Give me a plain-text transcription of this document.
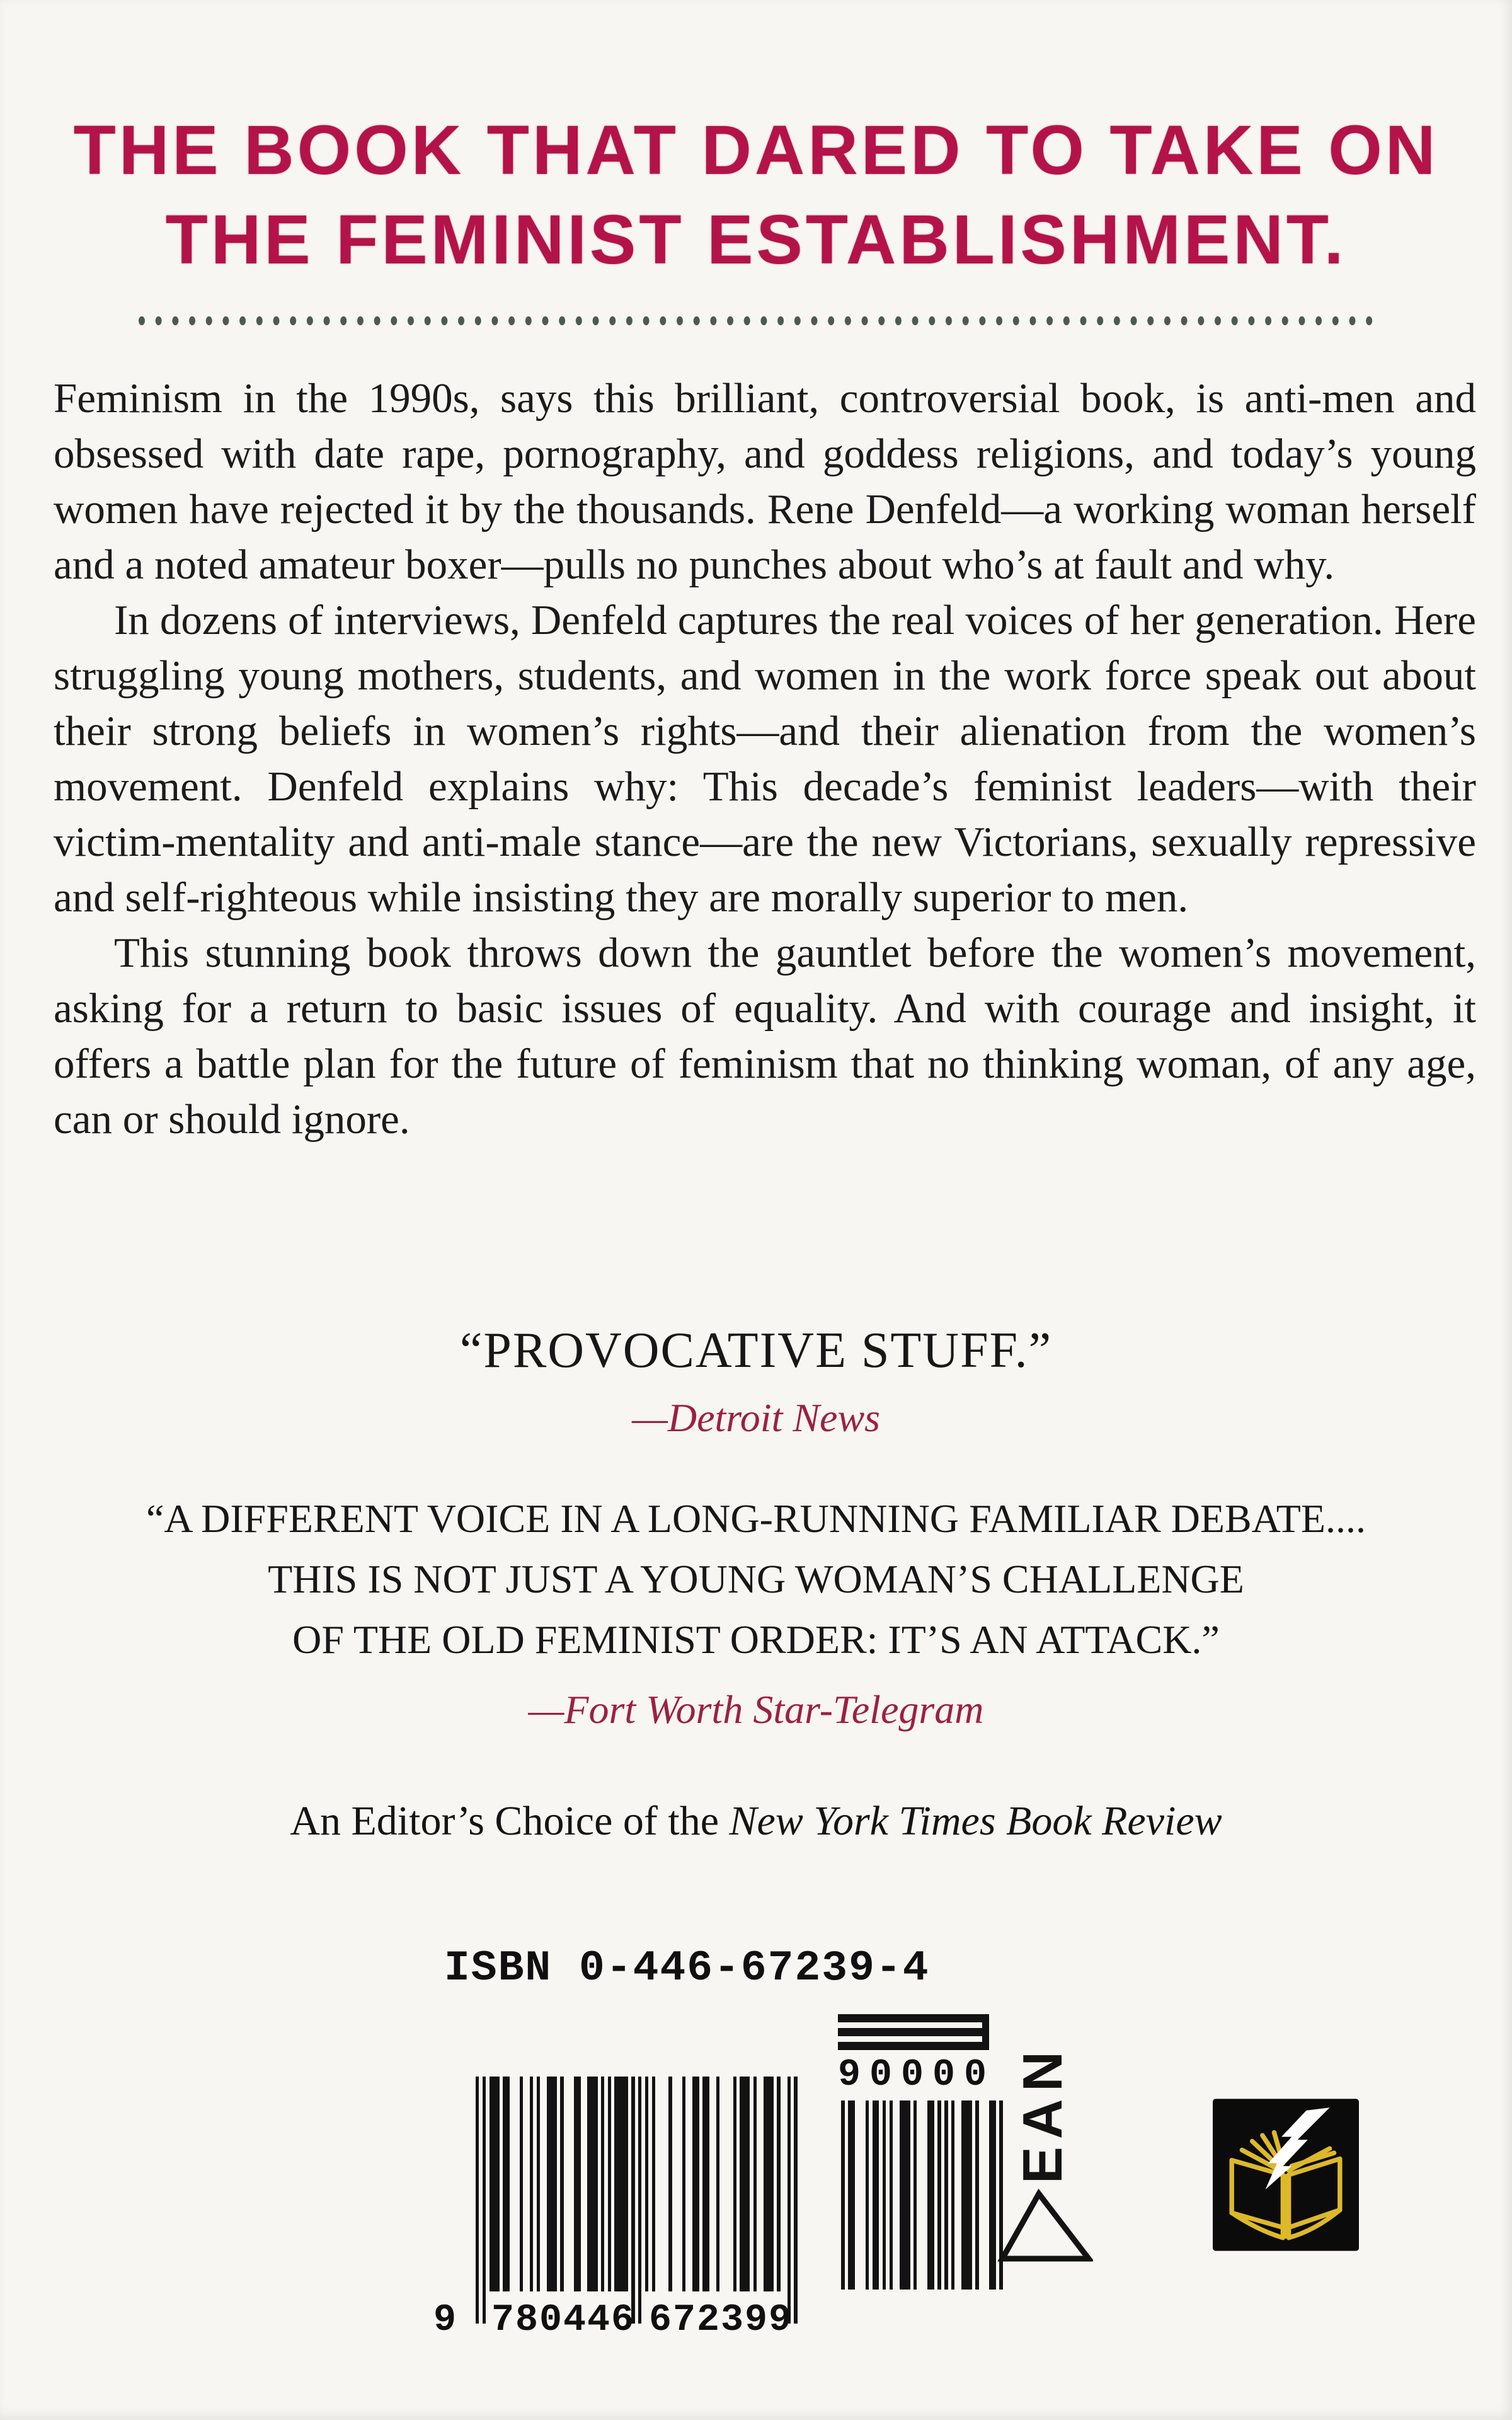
THE BOOK THAT DARED TO TAKE ON
THE FEMINIST ESTABLISHMENT.

Feminism in the 1990s, says this brilliant, controversial book, is anti-men and obsessed with date rape, pornography, and goddess religions, and today’s young women have rejected it by the thousands. Rene Denfeld—a working woman herself and a noted amateur boxer—pulls no punches about who’s at fault and why.

In dozens of interviews, Denfeld captures the real voices of her generation. Here struggling young mothers, students, and women in the work force speak out about their strong beliefs in women’s rights—and their alienation from the women’s movement. Denfeld explains why: This decade’s feminist leaders—with their victim-mentality and anti-male stance—are the new Victorians, sexually repressive and self-righteous while insisting they are morally superior to men.

This stunning book throws down the gauntlet before the women’s movement, asking for a return to basic issues of equality. And with courage and insight, it offers a battle plan for the future of feminism that no thinking woman, of any age, can or should ignore.

“PROVOCATIVE STUFF.”
—Detroit News
“A DIFFERENT VOICE IN A LONG-RUNNING FAMILIAR DEBATE....
THIS IS NOT JUST A YOUNG WOMAN’S CHALLENGE
OF THE OLD FEMINIST ORDER: IT’S AN ATTACK.”
—Fort Worth Star-Telegram
An Editor’s Choice of the New York Times Book Review
ISBN 0-446-67239-4
9 780446 672399
90000 EAN
